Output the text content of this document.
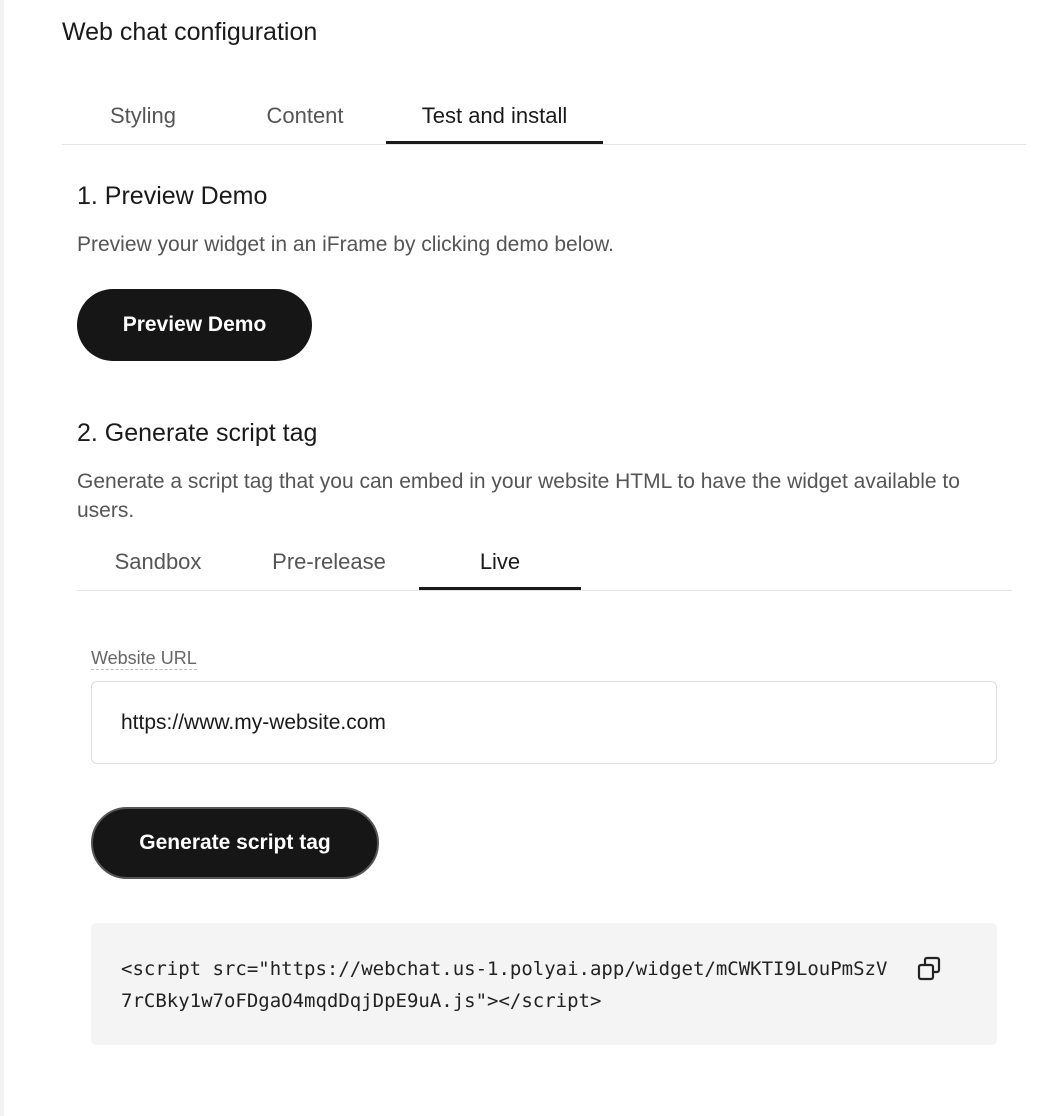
Web chat configuration
Styling	Content	Test and install
1. Preview Demo
Preview your widget in an iFrame by clicking demo below.
Preview Demo
2. Generate script tag
Generate a script tag that you can embed in your website HTML to have the widget available to users.
Sandbox	Pre-release	Live
Website URL
https://www.my-website.com
Generate script tag
<script src="https://webchat.us-1.polyai.app/widget/mCWKTI9LouPmSzV7rCBky1w7oFDgaO4mqdDqjDpE9uA.js"></script>
